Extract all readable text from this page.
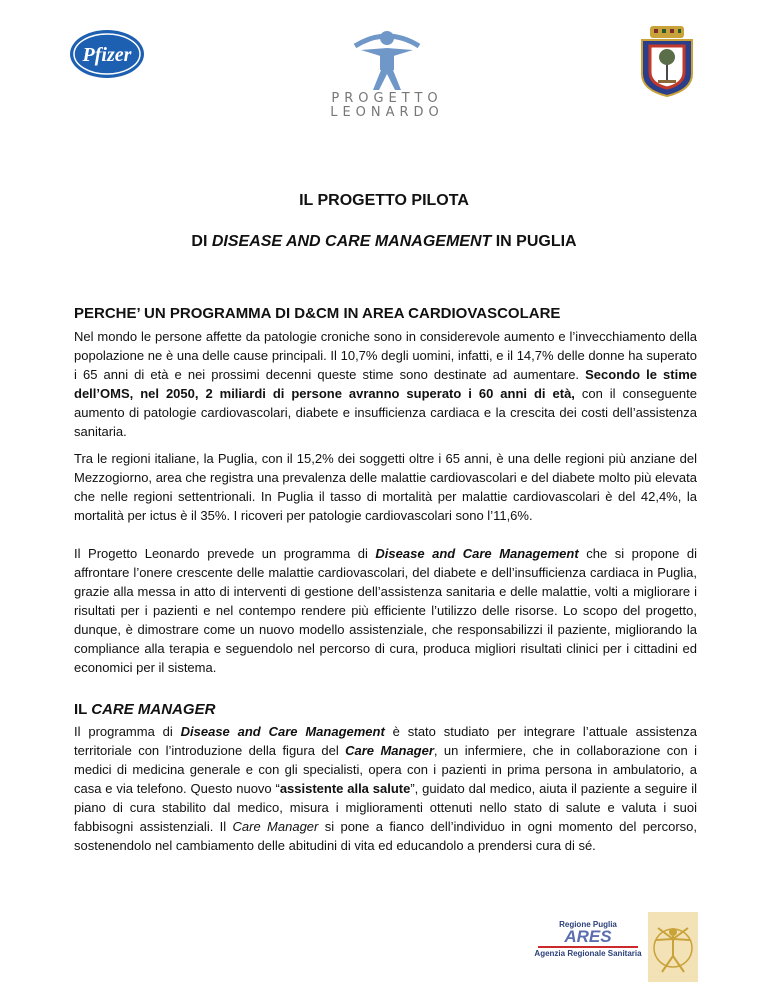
Pfizer
PROGETTO
LEONARDO
IL PROGETTO PILOTA
DI DISEASE AND CARE MANAGEMENT IN PUGLIA
PERCHE’ UN PROGRAMMA DI D&CM IN AREA CARDIOVASCOLARE

Nel mondo le persone affette da patologie croniche sono in considerevole aumento e l’invecchiamento della popolazione ne è una delle cause principali. Il 10,7% degli uomini, infatti, e il 14,7% delle donne ha superato i 65 anni di età e nei prossimi decenni queste stime sono destinate ad aumentare. Secondo le stime dell’OMS, nel 2050, 2 miliardi di persone avranno superato i 60 anni di età, con il conseguente aumento di patologie cardiovascolari, diabete e insufficienza cardiaca e la crescita dei costi dell’assistenza sanitaria.

Tra le regioni italiane, la Puglia, con il 15,2% dei soggetti oltre i 65 anni, è una delle regioni più anziane del Mezzogiorno, area che registra una prevalenza delle malattie cardiovascolari e del diabete molto più elevata che nelle regioni settentrionali. In Puglia il tasso di mortalità per malattie cardiovascolari è del 42,4%, la mortalità per ictus è il 35%. I ricoveri per patologie cardiovascolari sono l’11,6%.

Il Progetto Leonardo prevede un programma di Disease and Care Management che si propone di affrontare l’onere crescente delle malattie cardiovascolari, del diabete e dell’insufficienza cardiaca in Puglia, grazie alla messa in atto di interventi di gestione dell’assistenza sanitaria e delle malattie, volti a migliorare i risultati per i pazienti e nel contempo rendere più efficiente l’utilizzo delle risorse. Lo scopo del progetto, dunque, è dimostrare come un nuovo modello assistenziale, che responsabilizzi il paziente, migliorando la compliance alla terapia e seguendolo nel percorso di cura, produca migliori risultati clinici per i cittadini ed economici per il sistema.

IL CARE MANAGER

Il programma di Disease and Care Management è stato studiato per integrare l’attuale assistenza territoriale con l’introduzione della figura del Care Manager, un infermiere, che in collaborazione con i medici di medicina generale e con gli specialisti, opera con i pazienti in prima persona in ambulatorio, a casa e via telefono. Questo nuovo “assistente alla salute”, guidato dal medico, aiuta il paziente a seguire il piano di cura stabilito dal medico, misura i miglioramenti ottenuti nello stato di salute e valuta i suoi fabbisogni assistenziali. Il Care Manager si pone a fianco dell’individuo in ogni momento del percorso, sostenendolo nel cambiamento delle abitudini di vita ed educandolo a prendersi cura di sé.

Regione Puglia
ARES
Agenzia Regionale Sanitaria
